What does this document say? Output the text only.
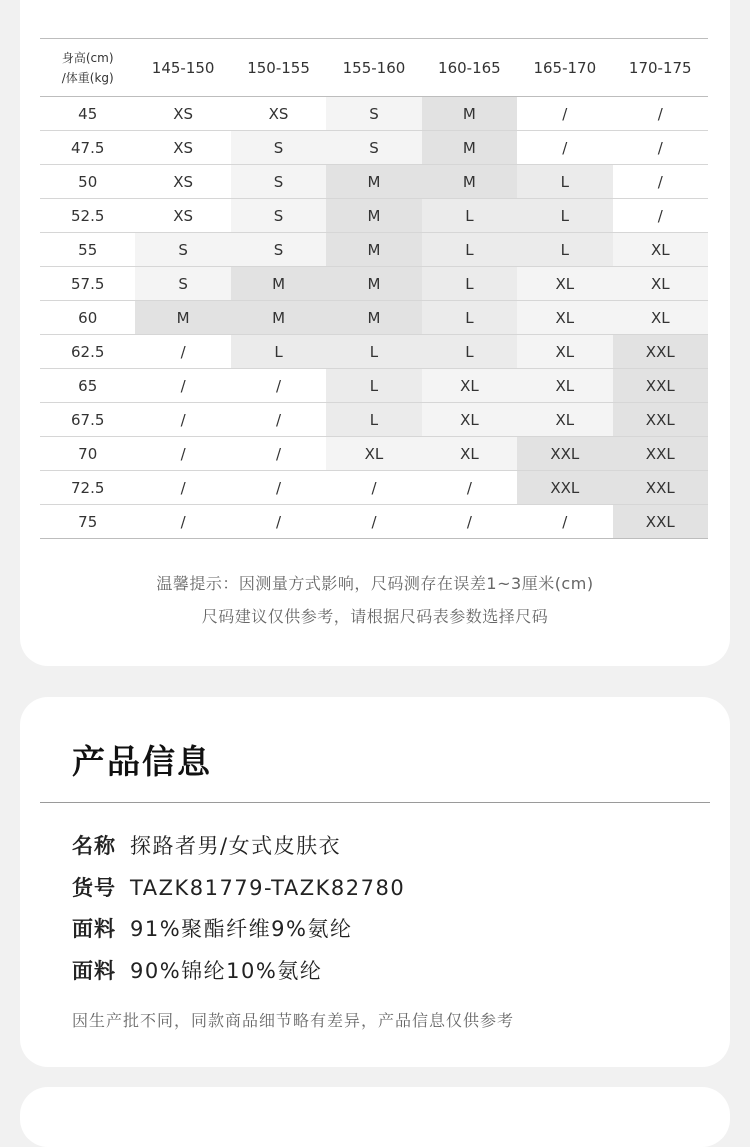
身高(cm)
/体重(kg)	145-150	150-155	155-160	160-165	165-170	170-175
45	XS	XS	S	M	/	/
47.5	XS	S	S	M	/	/
50	XS	S	M	M	L	/
52.5	XS	S	M	L	L	/
55	S	S	M	L	L	XL
57.5	S	M	M	L	XL	XL
60	M	M	M	L	XL	XL
62.5	/	L	L	L	XL	XXL
65	/	/	L	XL	XL	XXL
67.5	/	/	L	XL	XL	XXL
70	/	/	XL	XL	XXL	XXL
72.5	/	/	/	/	XXL	XXL
75	/	/	/	/	/	XXL
温馨提示：因测量方式影响，尺码测存在误差1~3厘米(cm)
尺码建议仅供参考，请根据尺码表参数选择尺码
产品信息
名称 探路者男/女式皮肤衣
货号 TAZK81779-TAZK82780
面料 91%聚酯纤维9%氨纶
面料 90%锦纶10%氨纶
因生产批不同，同款商品细节略有差异，产品信息仅供参考
